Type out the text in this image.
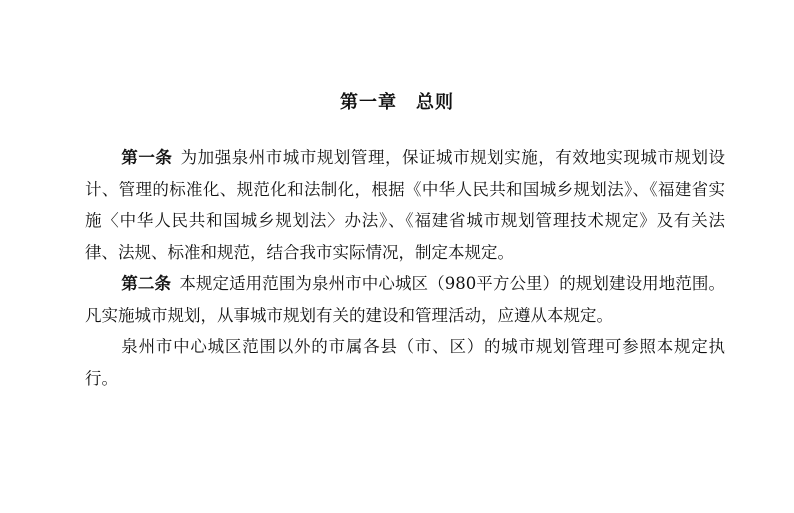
第一章　总则

第一条 为加强泉州市城市规划管理，保证城市规划实施，有效地实现城市规划设计、管理的标准化、规范化和法制化，根据《中华人民共和国城乡规划法》、《福建省实施〈中华人民共和国城乡规划法〉办法》、《福建省城市规划管理技术规定》及有关法律、法规、标准和规范，结合我市实际情况，制定本规定。

第二条 本规定适用范围为泉州市中心城区（980平方公里）的规划建设用地范围。凡实施城市规划，从事城市规划有关的建设和管理活动，应遵从本规定。

泉州市中心城区范围以外的市属各县（市、区）的城市规划管理可参照本规定执行。
